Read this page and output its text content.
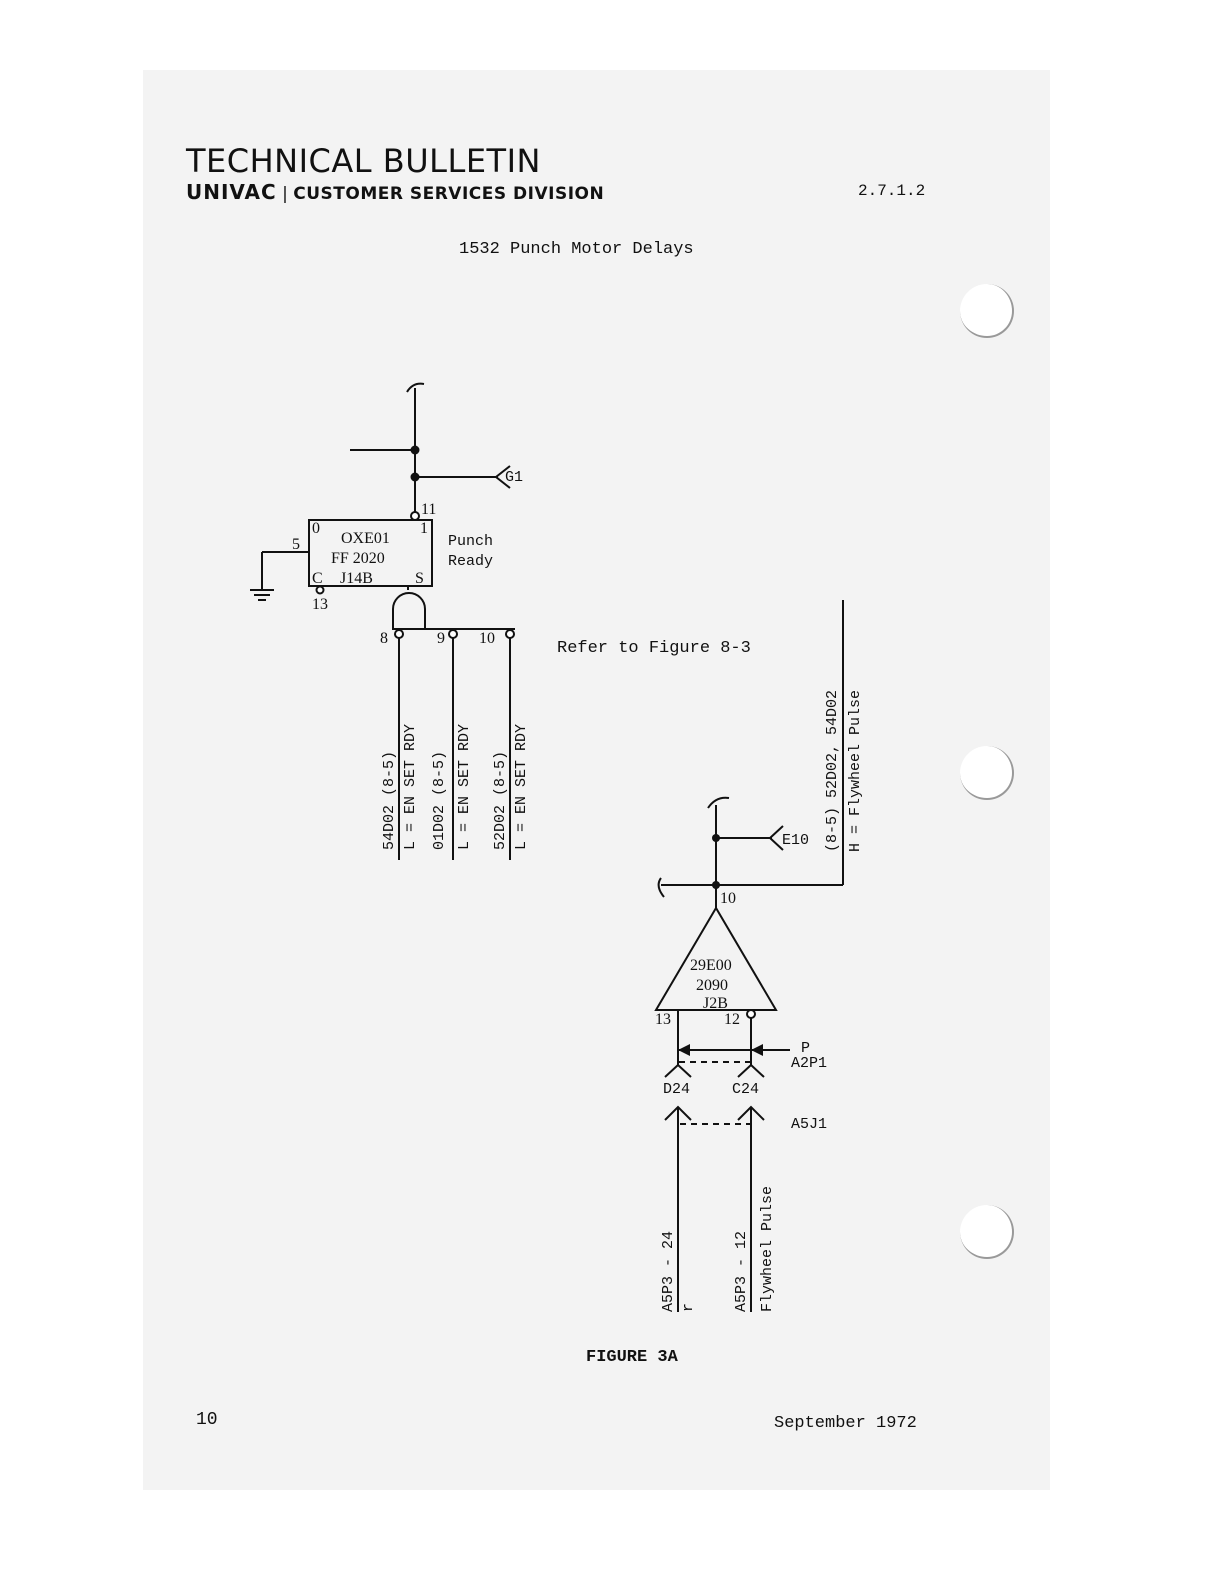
TECHNICAL BULLETIN
UNIVAC | CUSTOMER SERVICES DIVISION	2.7.1.2
1532 Punch Motor Delays
0	1
OXE01
FF 2020
J14B
C	S
5
11
13
Punch
Ready
G1
8	9 10
54D02 (8-5) L = EN SET RDY 01D02 (8-5) L = EN SET RDY 52D02 (8-5) L = EN SET RDY	(8-5) 52D02, 54D02 H = Flywheel Pulse
E10
10
29E00
2090
J2B
13	12
P
A2P1
D24	C24
A5J1
A5P3 - 24 r A5P3 - 12 Flywheel Pulse
Refer to Figure 8-3
FIGURE 3A
10	September 1972
